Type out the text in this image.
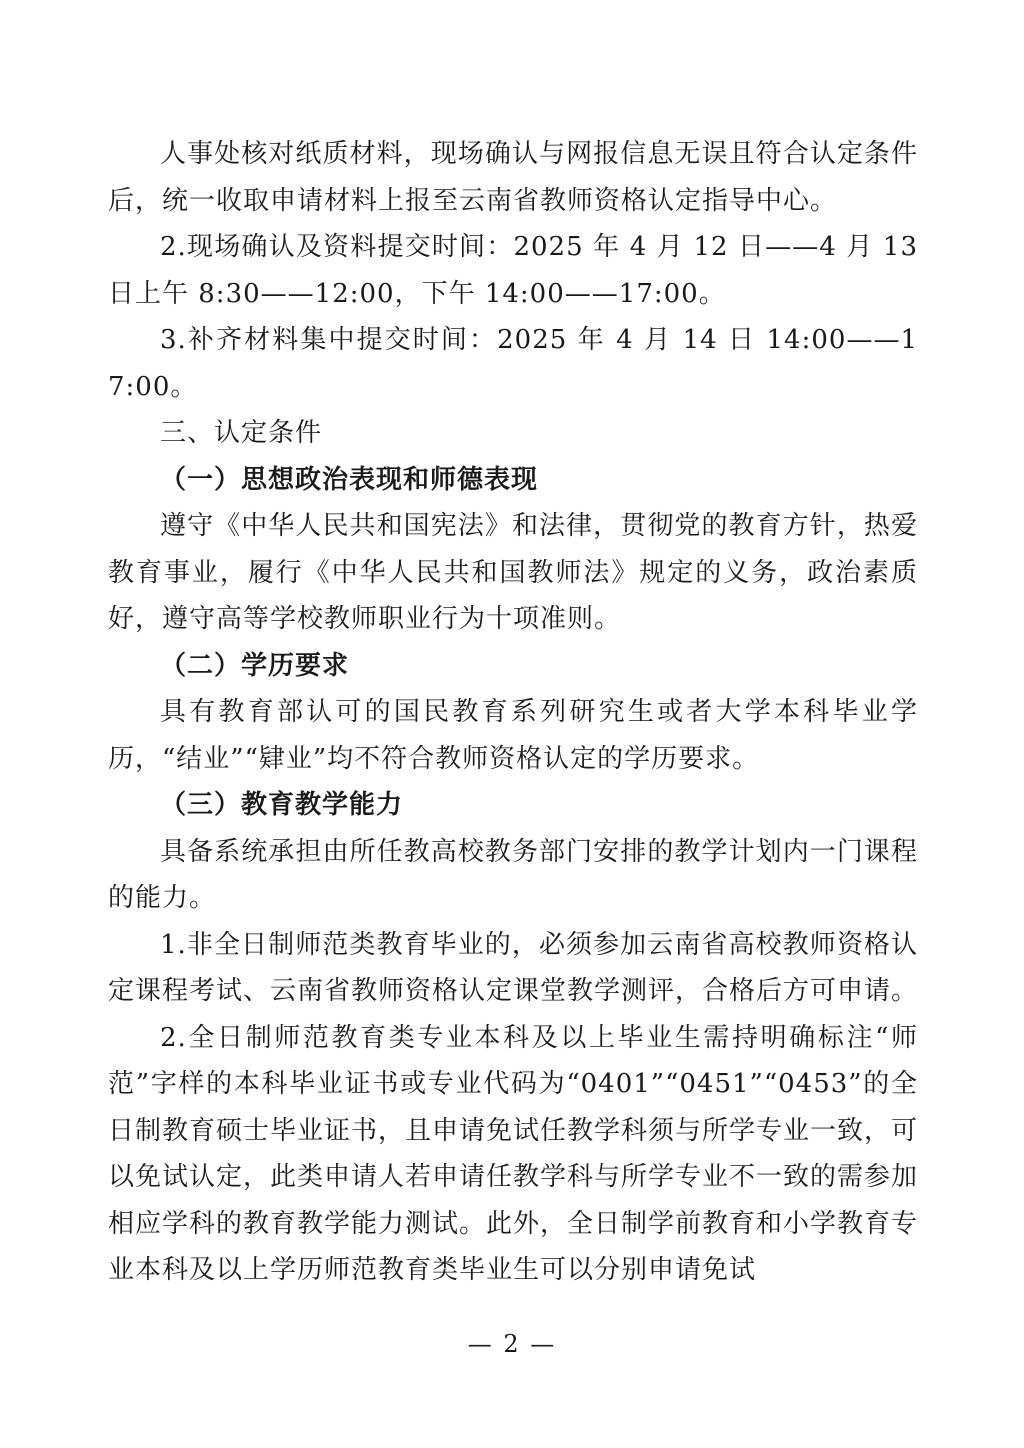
人事处核对纸质材料，现场确认与网报信息无误且符合认定条件后，统一收取申请材料上报至云南省教师资格认定指导中心。

2.现场确认及资料提交时间：2025 年 4 月 12 日——4 月 13 日上午 8:30——12:00，下午 14:00——17:00。

3.补齐材料集中提交时间：2025 年 4 月 14 日 14:00——17:00。

三、认定条件

（一）思想政治表现和师德表现

遵守《中华人民共和国宪法》和法律，贯彻党的教育方针，热爱教育事业，履行《中华人民共和国教师法》规定的义务，政治素质好，遵守高等学校教师职业行为十项准则。

（二）学历要求

具有教育部认可的国民教育系列研究生或者大学本科毕业学历，“结业”“肄业”均不符合教师资格认定的学历要求。

（三）教育教学能力

具备系统承担由所任教高校教务部门安排的教学计划内一门课程的能力。

1.非全日制师范类教育毕业的，必须参加云南省高校教师资格认定课程考试、云南省教师资格认定课堂教学测评，合格后方可申请。

2.全日制师范教育类专业本科及以上毕业生需持明确标注“师范”字样的本科毕业证书或专业代码为“0401”“0451”“0453”的全日制教育硕士毕业证书，且申请免试任教学科须与所学专业一致，可以免试认定，此类申请人若申请任教学科与所学专业不一致的需参加相应学科的教育教学能力测试。此外，全日制学前教育和小学教育专业本科及以上学历师范教育类毕业生可以分别申请免试

— 2 —
